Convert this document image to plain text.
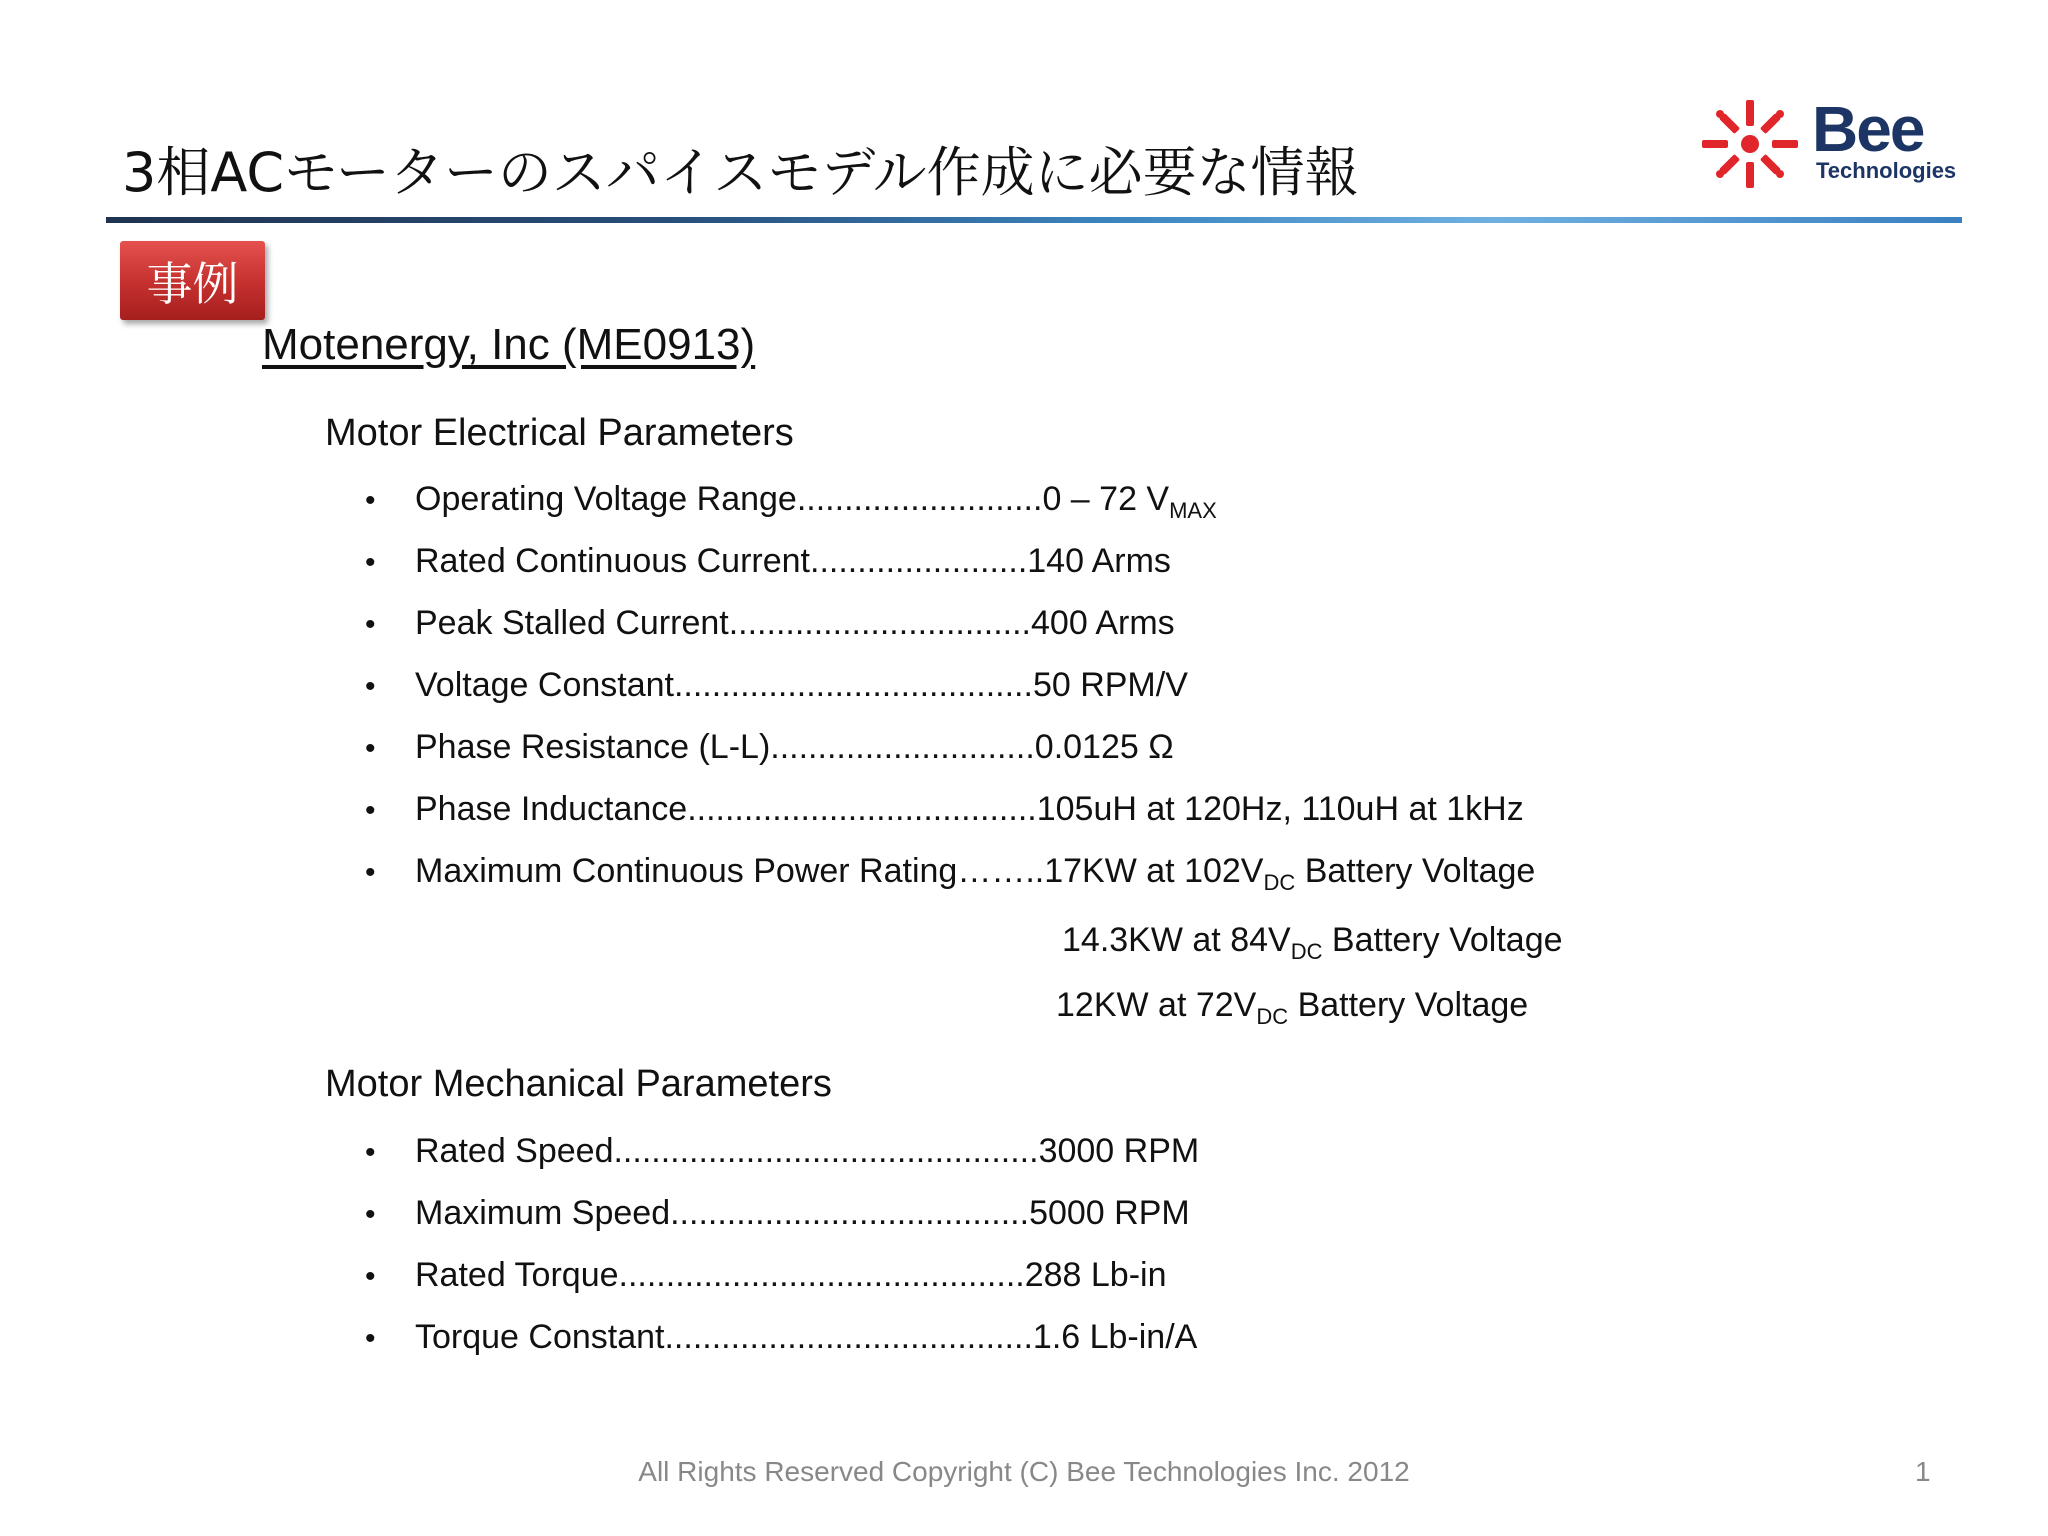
3相ACモーターのスパイスモデル作成に必要な情報
Bee
Technologies
事例
Motenergy, Inc (ME0913)
Motor Electrical Parameters
• Operating Voltage Range..........................0 – 72 $V_{MAX}$
• Rated Continuous Current.......................140 Arms
• Peak Stalled Current................................400 Arms
• Voltage Constant......................................50 RPM/V
• Phase Resistance (L-L)............................0.0125 Ω
• Phase Inductance.....................................105uH at 120Hz, 110uH at 1kHz
• Maximum Continuous Power Rating……..17KW at $102V_{DC}$ Battery Voltage
14.3KW at $84V_{DC}$ Battery Voltage
12KW at $72V_{DC}$ Battery Voltage
Motor Mechanical Parameters
• Rated Speed.............................................3000 RPM
• Maximum Speed......................................5000 RPM
• Rated Torque...........................................288 Lb-in
• Torque Constant.......................................1.6 Lb-in/A
All Rights Reserved Copyright (C) Bee Technologies Inc. 2012	1
